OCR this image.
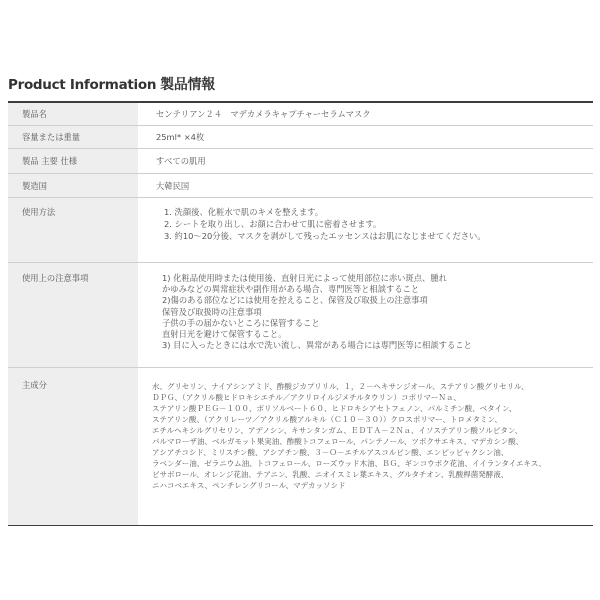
Product Information 製品情報
製品名	センテリアン２４　マデカメラキャプチャーセラムマスク
容量または重量	25ml* ×4枚
製品 主要 仕様	すべての肌用
製造国	大韓民国
使用方法	1. 洗顔後、化粧水で肌のキメを整えます。
2. シートを取り出し、お顔に合わせて肌に密着させます。
3. 約10～20分後、マスクを剥がして残ったエッセンスはお肌になじませてください。
使用上の注意事項	1) 化粧品使用時または使用後、直射日光によって使用部位に赤い斑点、腫れ
かゆみなどの異常症状や副作用がある場合、専門医等と相談すること
2)傷のある部位などには使用を控えること、保管及び取扱上の注意事項
保管及び取扱時の注意事項
子供の手の届かないところに保管すること
直射日光を避けて保管すること。
3) 目に入ったときには水で洗い流し、異常がある場合には専門医等に相談すること
主成分	水、グリセリン、ナイアシンアミド、酢酸ジカプリリル、１，２－ヘキサンジオール、ステアリン酸グリセリル、
ＤＰＧ、（アクリル酸ヒドロキシエチル／アクリロイルジメチルタウリン）コポリマーＮａ、
ステアリン酸ＰＥＧ－１００、ポリソルベート６０、ヒドロキシアセトフェノン、パルミチン酸、ベタイン、
ステアリン酸、（アクリレーツ／アクリル酸アルキル（Ｃ１０－３０））クロスポリマー、トロメタミン、
エチルヘキシルグリセリン、アデノシン、キサンタンガム、ＥＤＴＡ－２Ｎａ、イソステアリン酸ソルビタン、
パルマローザ油、ベルガモット果実油、酢酸トコフェロール、パンテノール、ツボクサエキス、マデカシン酸、
アシアチコシド、ミリスチン酸、アシアチン酸、３－Ｏ－エチルアスコルビン酸、エンピッビャクシン油、
ラベンダー油、ゼラニウム油、トコフェロール、ローズウッド木油、ＢＧ、ギンコウボク花油、イイランタイエキス、
ビサボロール、オレンジ花油、テアニン、乳酸、ニオイスミレ葉エキス、グルタチオン、乳酸桿菌発酵液、
ニハコベエキス、ペンチレングリコール、マデカッソシド
